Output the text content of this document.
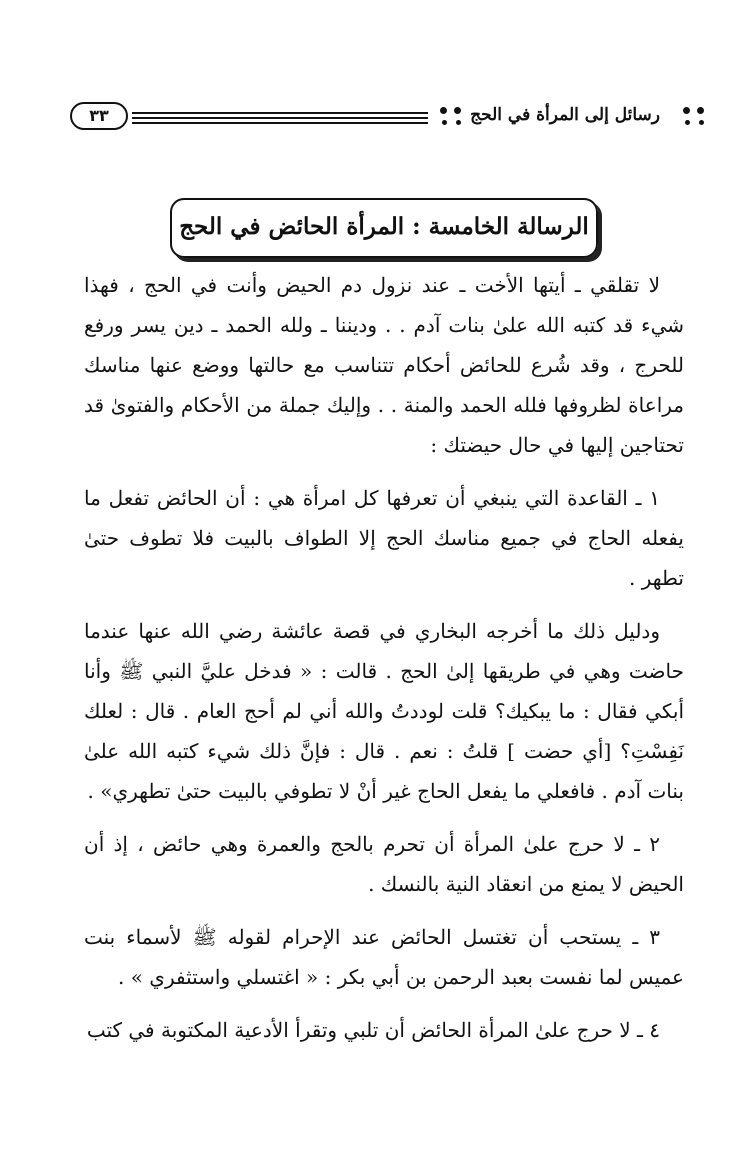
رسائل إلى المرأة في الحج
٣٣
الرسالة الخامسة : المرأة الحائض في الحج

لا تقلقي ـ أيتها الأخت ـ عند نزول دم الحيض وأنت في الحج ، فهذا شيء قد كتبه الله علىٰ بنات آدم . . وديننا ـ ولله الحمد ـ دين يسر ورفع للحرج ، وقد شُرع للحائض أحكام تتناسب مع حالتها ووضع عنها مناسك مراعاة لظروفها فلله الحمد والمنة . . وإليك جملة من الأحكام والفتوىٰ قد تحتاجين إليها في حال حيضتك :

١ ـ القاعدة التي ينبغي أن تعرفها كل امرأة هي : أن الحائض تفعل ما يفعله الحاج في جميع مناسك الحج إلا الطواف بالبيت فلا تطوف حتىٰ تطهر .

ودليل ذلك ما أخرجه البخاري في قصة عائشة رضي الله عنها عندما حاضت وهي في طريقها إلىٰ الحج . قالت : « فدخل عليَّ النبي ﷺ وأنا أبكي فقال : ما يبكيك؟ قلت لوددتُ والله أني لم أحج العام . قال : لعلك نَفِسْتِ؟ [أي حضت ] قلتُ : نعم . قال : فإنَّ ذلك شيء كتبه الله علىٰ بنات آدم . فافعلي ما يفعل الحاج غير أنْ لا تطوفي بالبيت حتىٰ تطهري» .

٢ ـ لا حرج علىٰ المرأة أن تحرم بالحج والعمرة وهي حائض ، إذ أن الحيض لا يمنع من انعقاد النية بالنسك .

٣ ـ يستحب أن تغتسل الحائض عند الإحرام لقوله ﷺ لأسماء بنت عميس لما نفست بعبد الرحمن بن أبي بكر : « اغتسلي واستثفري » .

٤ ـ لا حرج علىٰ المرأة الحائض أن تلبي وتقرأ الأدعية المكتوبة في كتب
